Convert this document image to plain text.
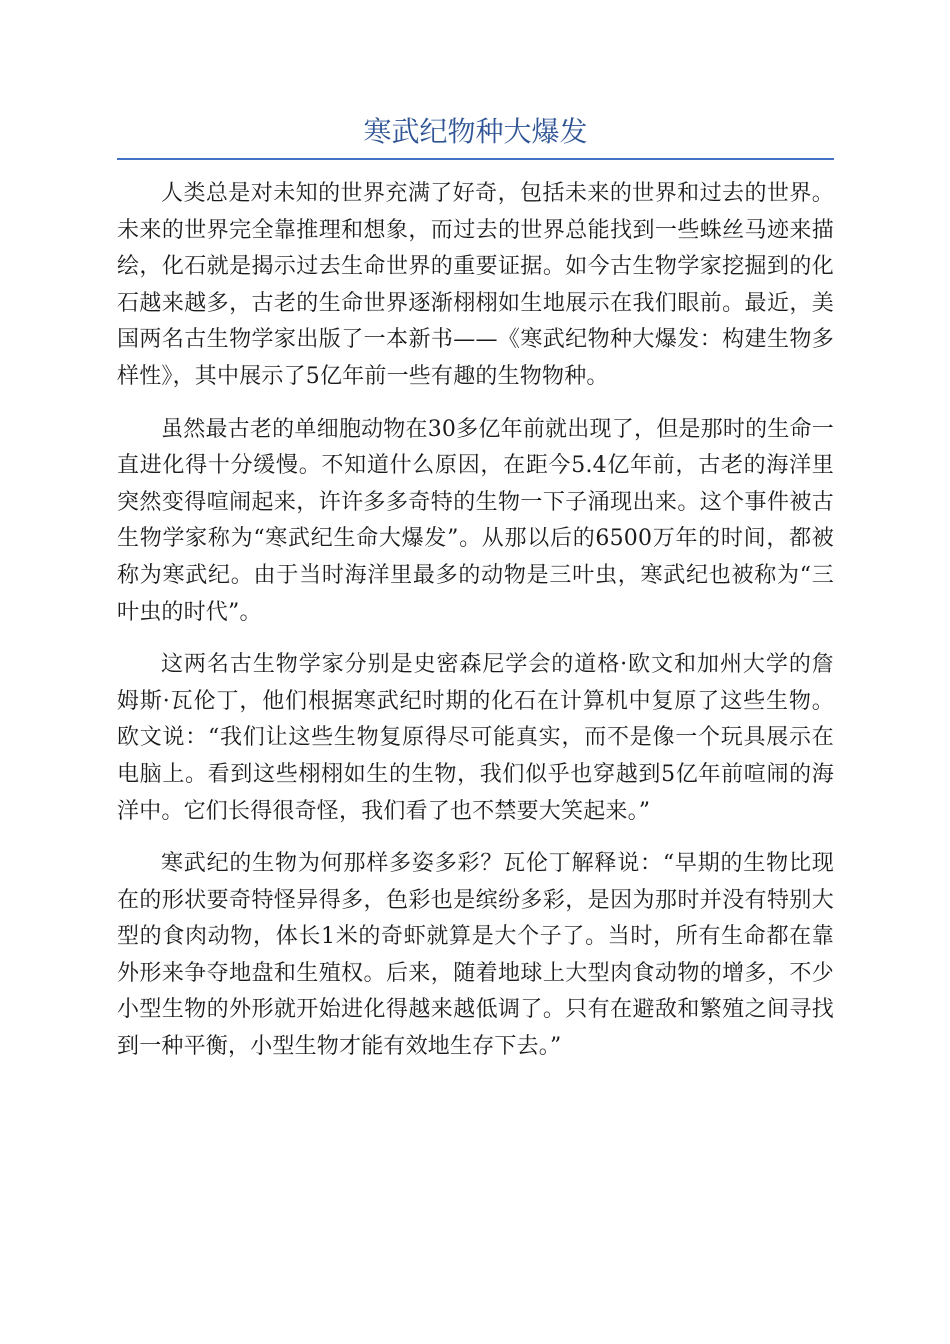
寒武纪物种大爆发

人类总是对未知的世界充满了好奇，包括未来的世界和过去的世界。未来的世界完全靠推理和想象，而过去的世界总能找到一些蛛丝马迹来描绘，化石就是揭示过去生命世界的重要证据。如今古生物学家挖掘到的化石越来越多，古老的生命世界逐渐栩栩如生地展示在我们眼前。最近，美国两名古生物学家出版了一本新书——《寒武纪物种大爆发：构建生物多样性》，其中展示了5亿年前一些有趣的生物物种。

虽然最古老的单细胞动物在30多亿年前就出现了，但是那时的生命一直进化得十分缓慢。不知道什么原因，在距今5.4亿年前，古老的海洋里突然变得喧闹起来，许许多多奇特的生物一下子涌现出来。这个事件被古生物学家称为“寒武纪生命大爆发”。从那以后的6500万年的时间，都被称为寒武纪。由于当时海洋里最多的动物是三叶虫，寒武纪也被称为“三叶虫的时代”。

这两名古生物学家分别是史密森尼学会的道格·欧文和加州大学的詹姆斯·瓦伦丁，他们根据寒武纪时期的化石在计算机中复原了这些生物。欧文说：“我们让这些生物复原得尽可能真实，而不是像一个玩具展示在电脑上。看到这些栩栩如生的生物，我们似乎也穿越到5亿年前喧闹的海洋中。它们长得很奇怪，我们看了也不禁要大笑起来。”

寒武纪的生物为何那样多姿多彩？瓦伦丁解释说：“早期的生物比现在的形状要奇特怪异得多，色彩也是缤纷多彩，是因为那时并没有特别大型的食肉动物，体长1米的奇虾就算是大个子了。当时，所有生命都在靠外形来争夺地盘和生殖权。后来，随着地球上大型肉食动物的增多，不少小型生物的外形就开始进化得越来越低调了。只有在避敌和繁殖之间寻找到一种平衡，小型生物才能有效地生存下去。”
